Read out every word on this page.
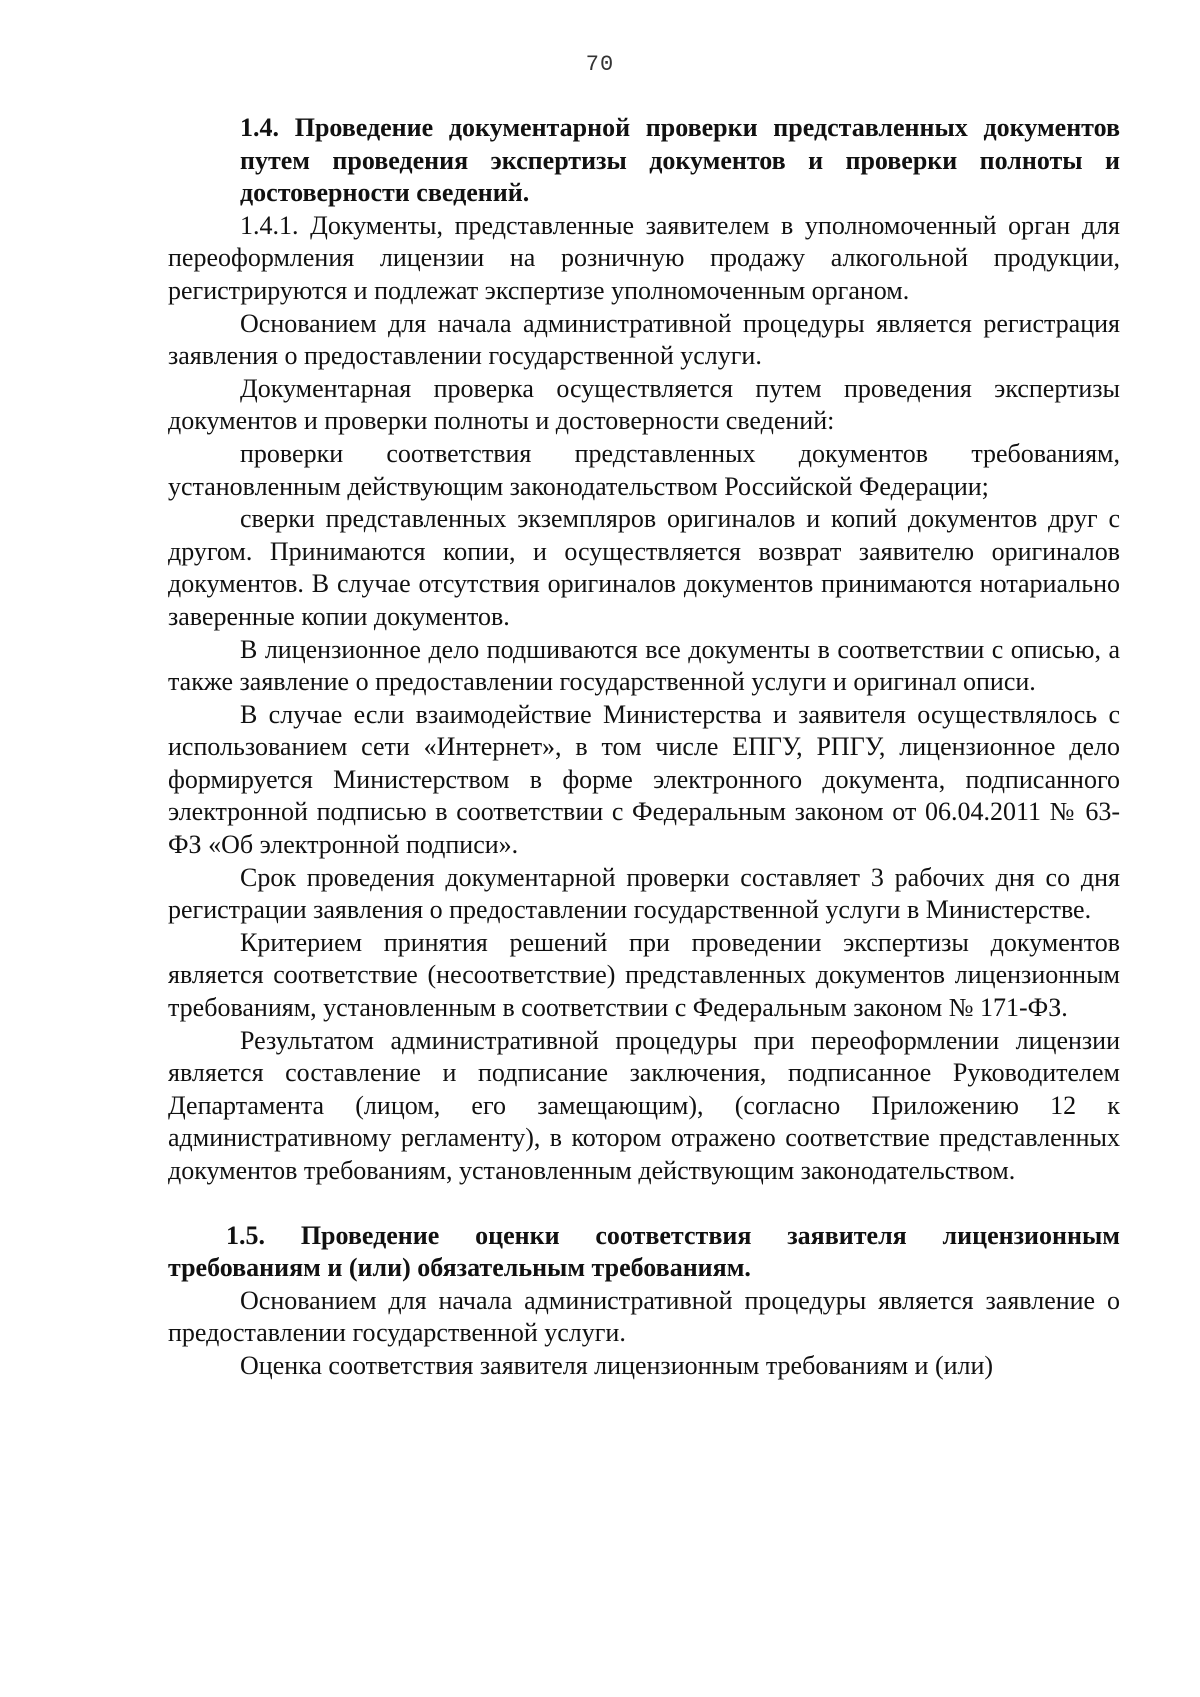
70
1.4. Проведение документарной проверки представленных документов путем проведения экспертизы документов и проверки полноты и достоверности сведений.

1.4.1. Документы, представленные заявителем в уполномоченный орган для переоформления лицензии на розничную продажу алкогольной продукции, регистрируются и подлежат экспертизе уполномоченным органом.

Основанием для начала административной процедуры является регистрация заявления о предоставлении государственной услуги.

Документарная проверка осуществляется путем проведения экспертизы документов и проверки полноты и достоверности сведений:

проверки соответствия представленных документов требованиям, установленным действующим законодательством Российской Федерации;

сверки представленных экземпляров оригиналов и копий документов друг с другом. Принимаются копии, и осуществляется возврат заявителю оригиналов документов. В случае отсутствия оригиналов документов принимаются нотариально заверенные копии документов.

В лицензионное дело подшиваются все документы в соответствии с описью, а также заявление о предоставлении государственной услуги и оригинал описи.

В случае если взаимодействие Министерства и заявителя осуществлялось с использованием сети «Интернет», в том числе ЕПГУ, РПГУ, лицензионное дело формируется Министерством в форме электронного документа, подписанного электронной подписью в соответствии с Федеральным законом от 06.04.2011 № 63-ФЗ «Об электронной подписи».

Срок проведения документарной проверки составляет 3 рабочих дня со дня регистрации заявления о предоставлении государственной услуги в Министерстве.

Критерием принятия решений при проведении экспертизы документов является соответствие (несоответствие) представленных документов лицензионным требованиям, установленным в соответствии с Федеральным законом № 171-ФЗ.

Результатом административной процедуры при переоформлении лицензии является составление и подписание заключения, подписанное Руководителем Департамента (лицом, его замещающим), (согласно Приложению 12 к административному регламенту), в котором отражено соответствие представленных документов требованиям, установленным действующим законодательством.

1.5. Проведение оценки соответствия заявителя лицензионным требованиям и (или) обязательным требованиям.

Основанием для начала административной процедуры является заявление о предоставлении государственной услуги.

Оценка соответствия заявителя лицензионным требованиям и (или)
